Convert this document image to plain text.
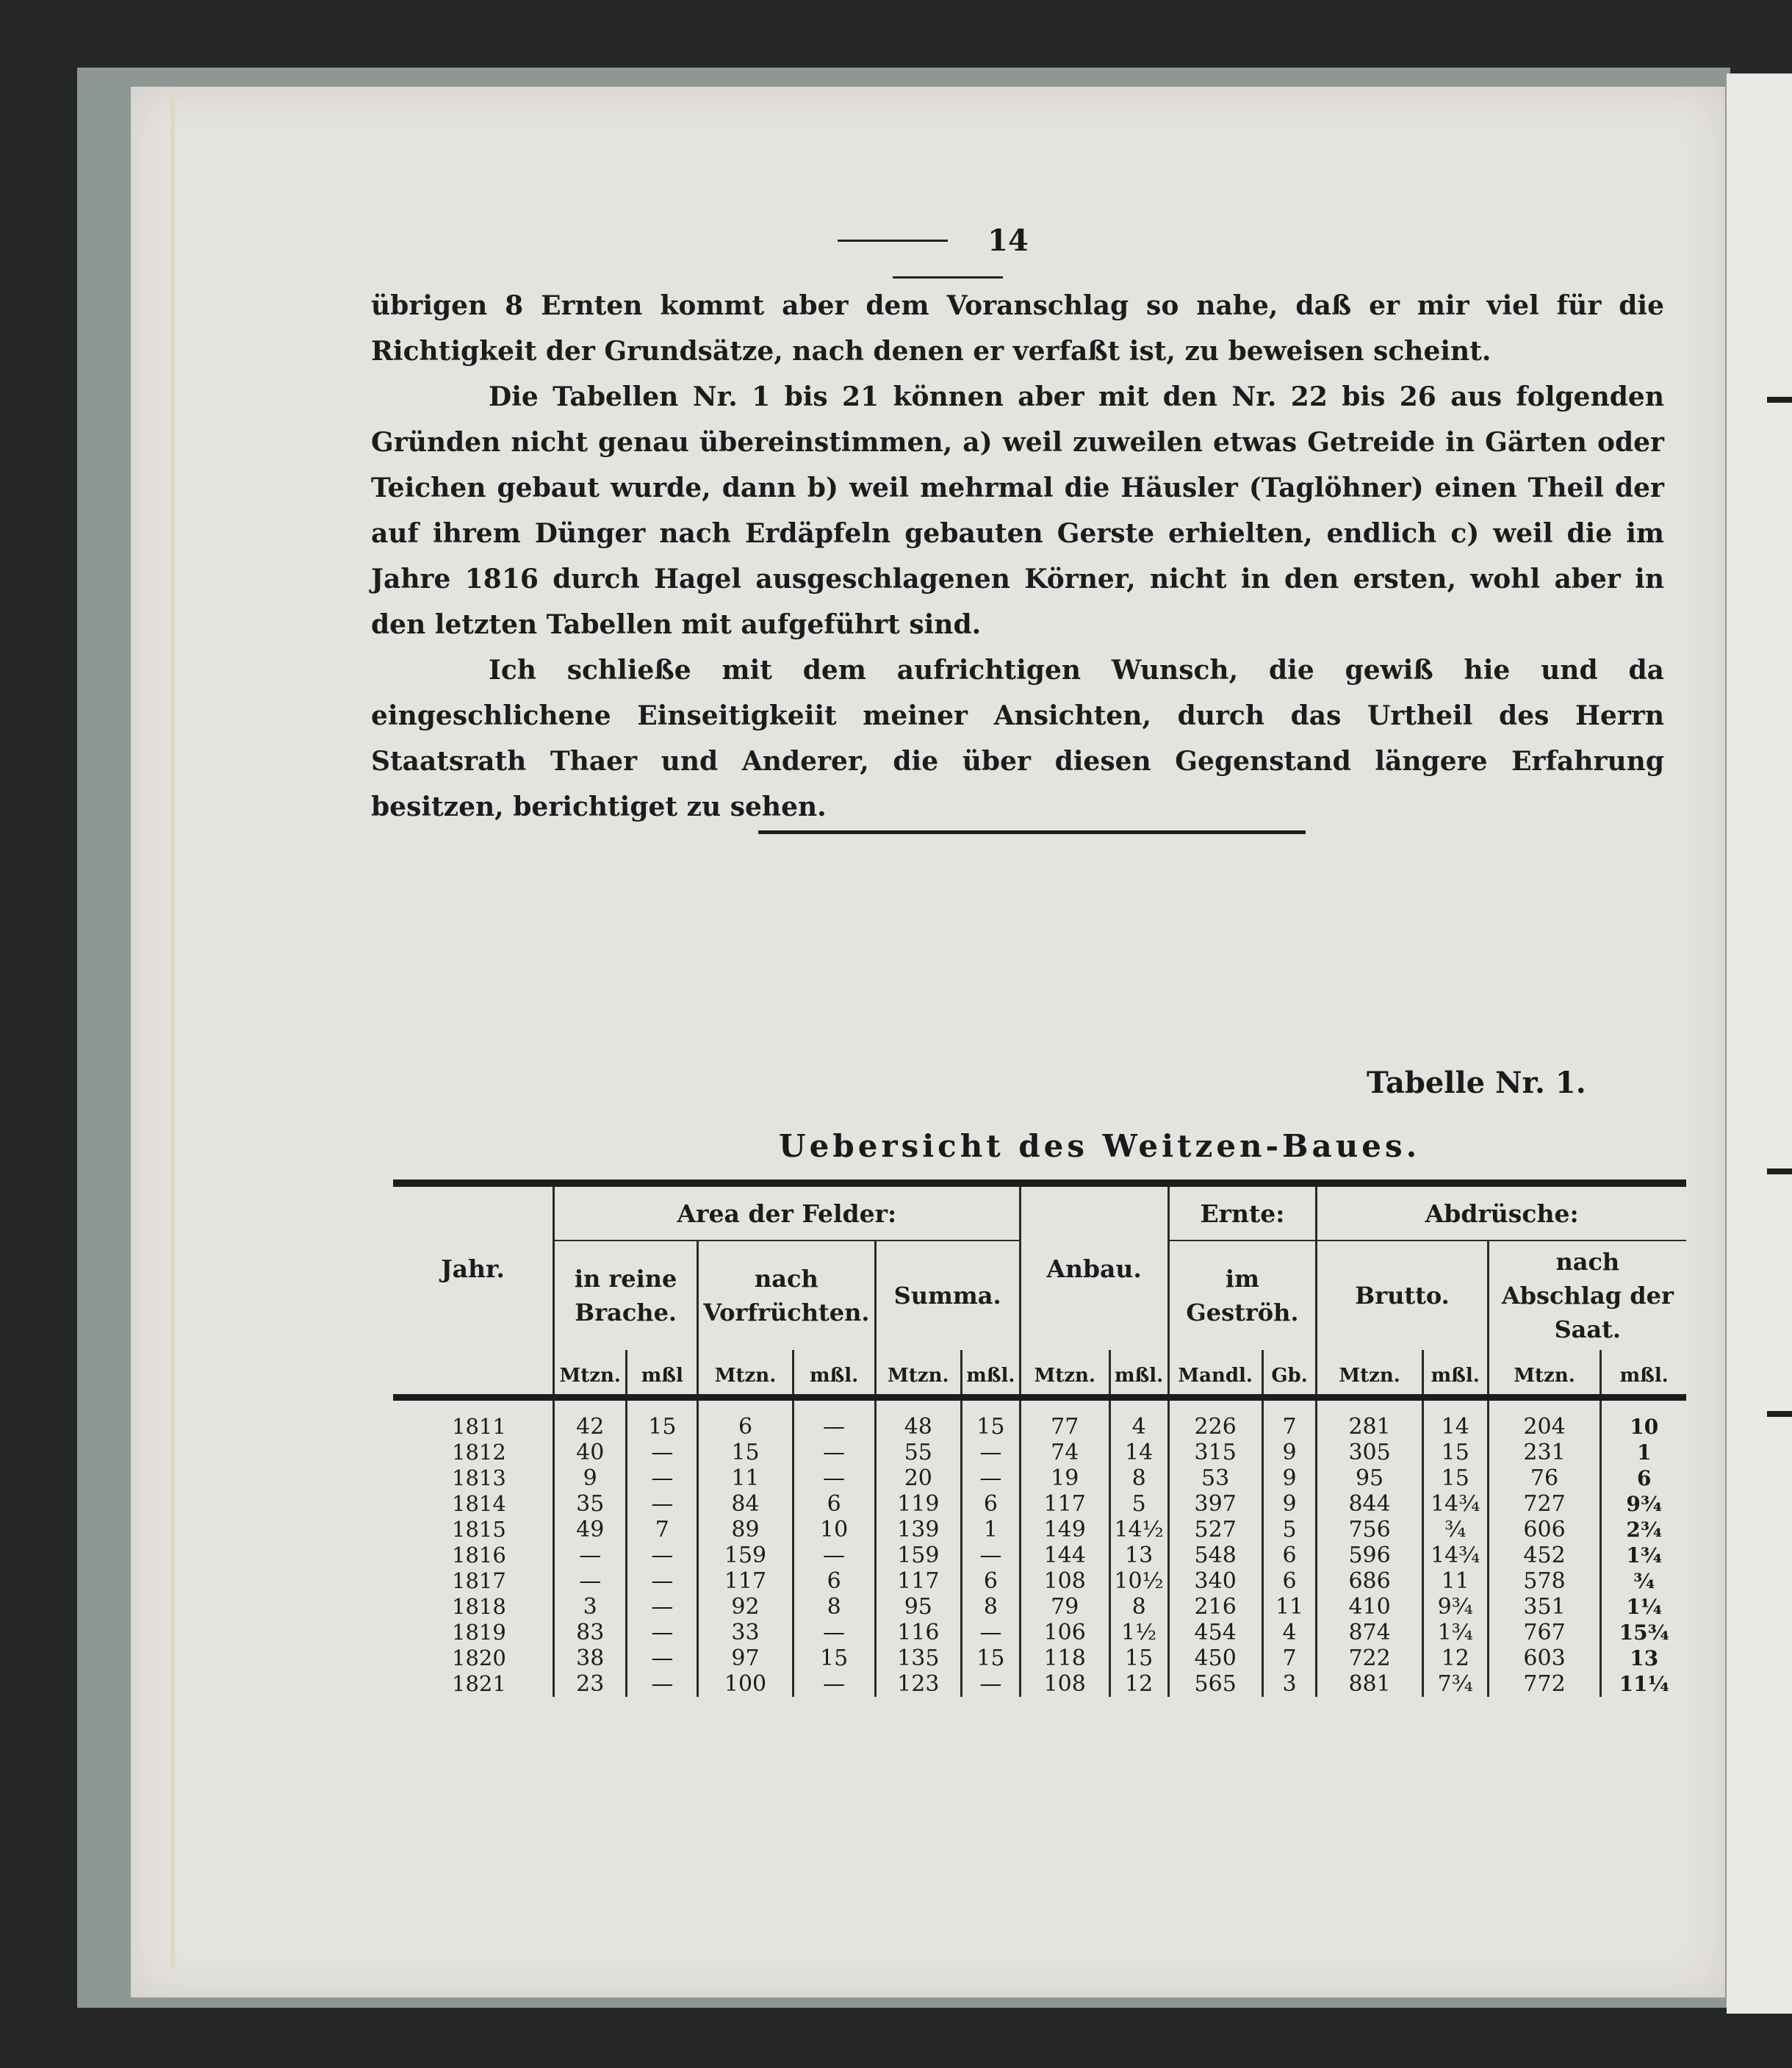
14

übrigen 8 Ernten kommt aber dem Voranschlag so nahe, daß er mir viel für die Richtigkeit der Grundsätze, nach denen er verfaßt ist, zu beweisen scheint.

Die Tabellen Nr. 1 bis 21 können aber mit den Nr. 22 bis 26 aus folgenden Gründen nicht genau übereinstimmen, a) weil zuweilen etwas Getreide in Gärten oder Teichen gebaut wurde, dann b) weil mehrmal die Häusler (Taglöhner) einen Theil der auf ihrem Dünger nach Erdäpfeln gebauten Gerste erhielten, endlich c) weil die im Jahre 1816 durch Hagel ausgeschlagenen Körner, nicht in den ersten, wohl aber in den letzten Tabellen mit aufgeführt sind.

Ich schließe mit dem aufrichtigen Wunsch, die gewiß hie und da eingeschlichene Einseitigkeiit meiner Ansichten, durch das Urtheil des Herrn Staatsrath Thaer und Anderer, die über diesen Gegenstand längere Erfahrung besitzen, berichtiget zu sehen.

Tabelle Nr. 1.
Uebersicht des Weitzen-Baues.
Jahr.	Area der Felder:						Anbau.		Ernte:		Abdrüsche:			
	in reine Brache.		nach Vorfrüchten.		Summa.				im Geströh.		Brutto.		nach Abschlag der Saat.	
	Mtzn.	mßl	Mtzn.	mßl.	Mtzn.	mßl.	Mtzn.	mßl.	Mandl.	Gb.	Mtzn.	mßl.	Mtzn.	mßl.
1811	42	15	6	—	48	15	77	4	226	7	281	14	204	10
1812	40	—	15	—	55	—	74	14	315	9	305	15	231	1
1813	9	—	11	—	20	—	19	8	53	9	95	15	76	6
1814	35	—	84	6	119	6	117	5	397	9	844	14¾	727	9¾
1815	49	7	89	10	139	1	149	14½	527	5	756	¾	606	2¾
1816	—	—	159	—	159	—	144	13	548	6	596	14¾	452	1¾
1817	—	—	117	6	117	6	108	10½	340	6	686	11	578	¾
1818	3	—	92	8	95	8	79	8	216	11	410	9¾	351	1¼
1819	83	—	33	—	116	—	106	1½	454	4	874	1¾	767	15¾
1820	38	—	97	15	135	15	118	15	450	7	722	12	603	13
1821	23	—	100	—	123	—	108	12	565	3	881	7¾	772	11¼
